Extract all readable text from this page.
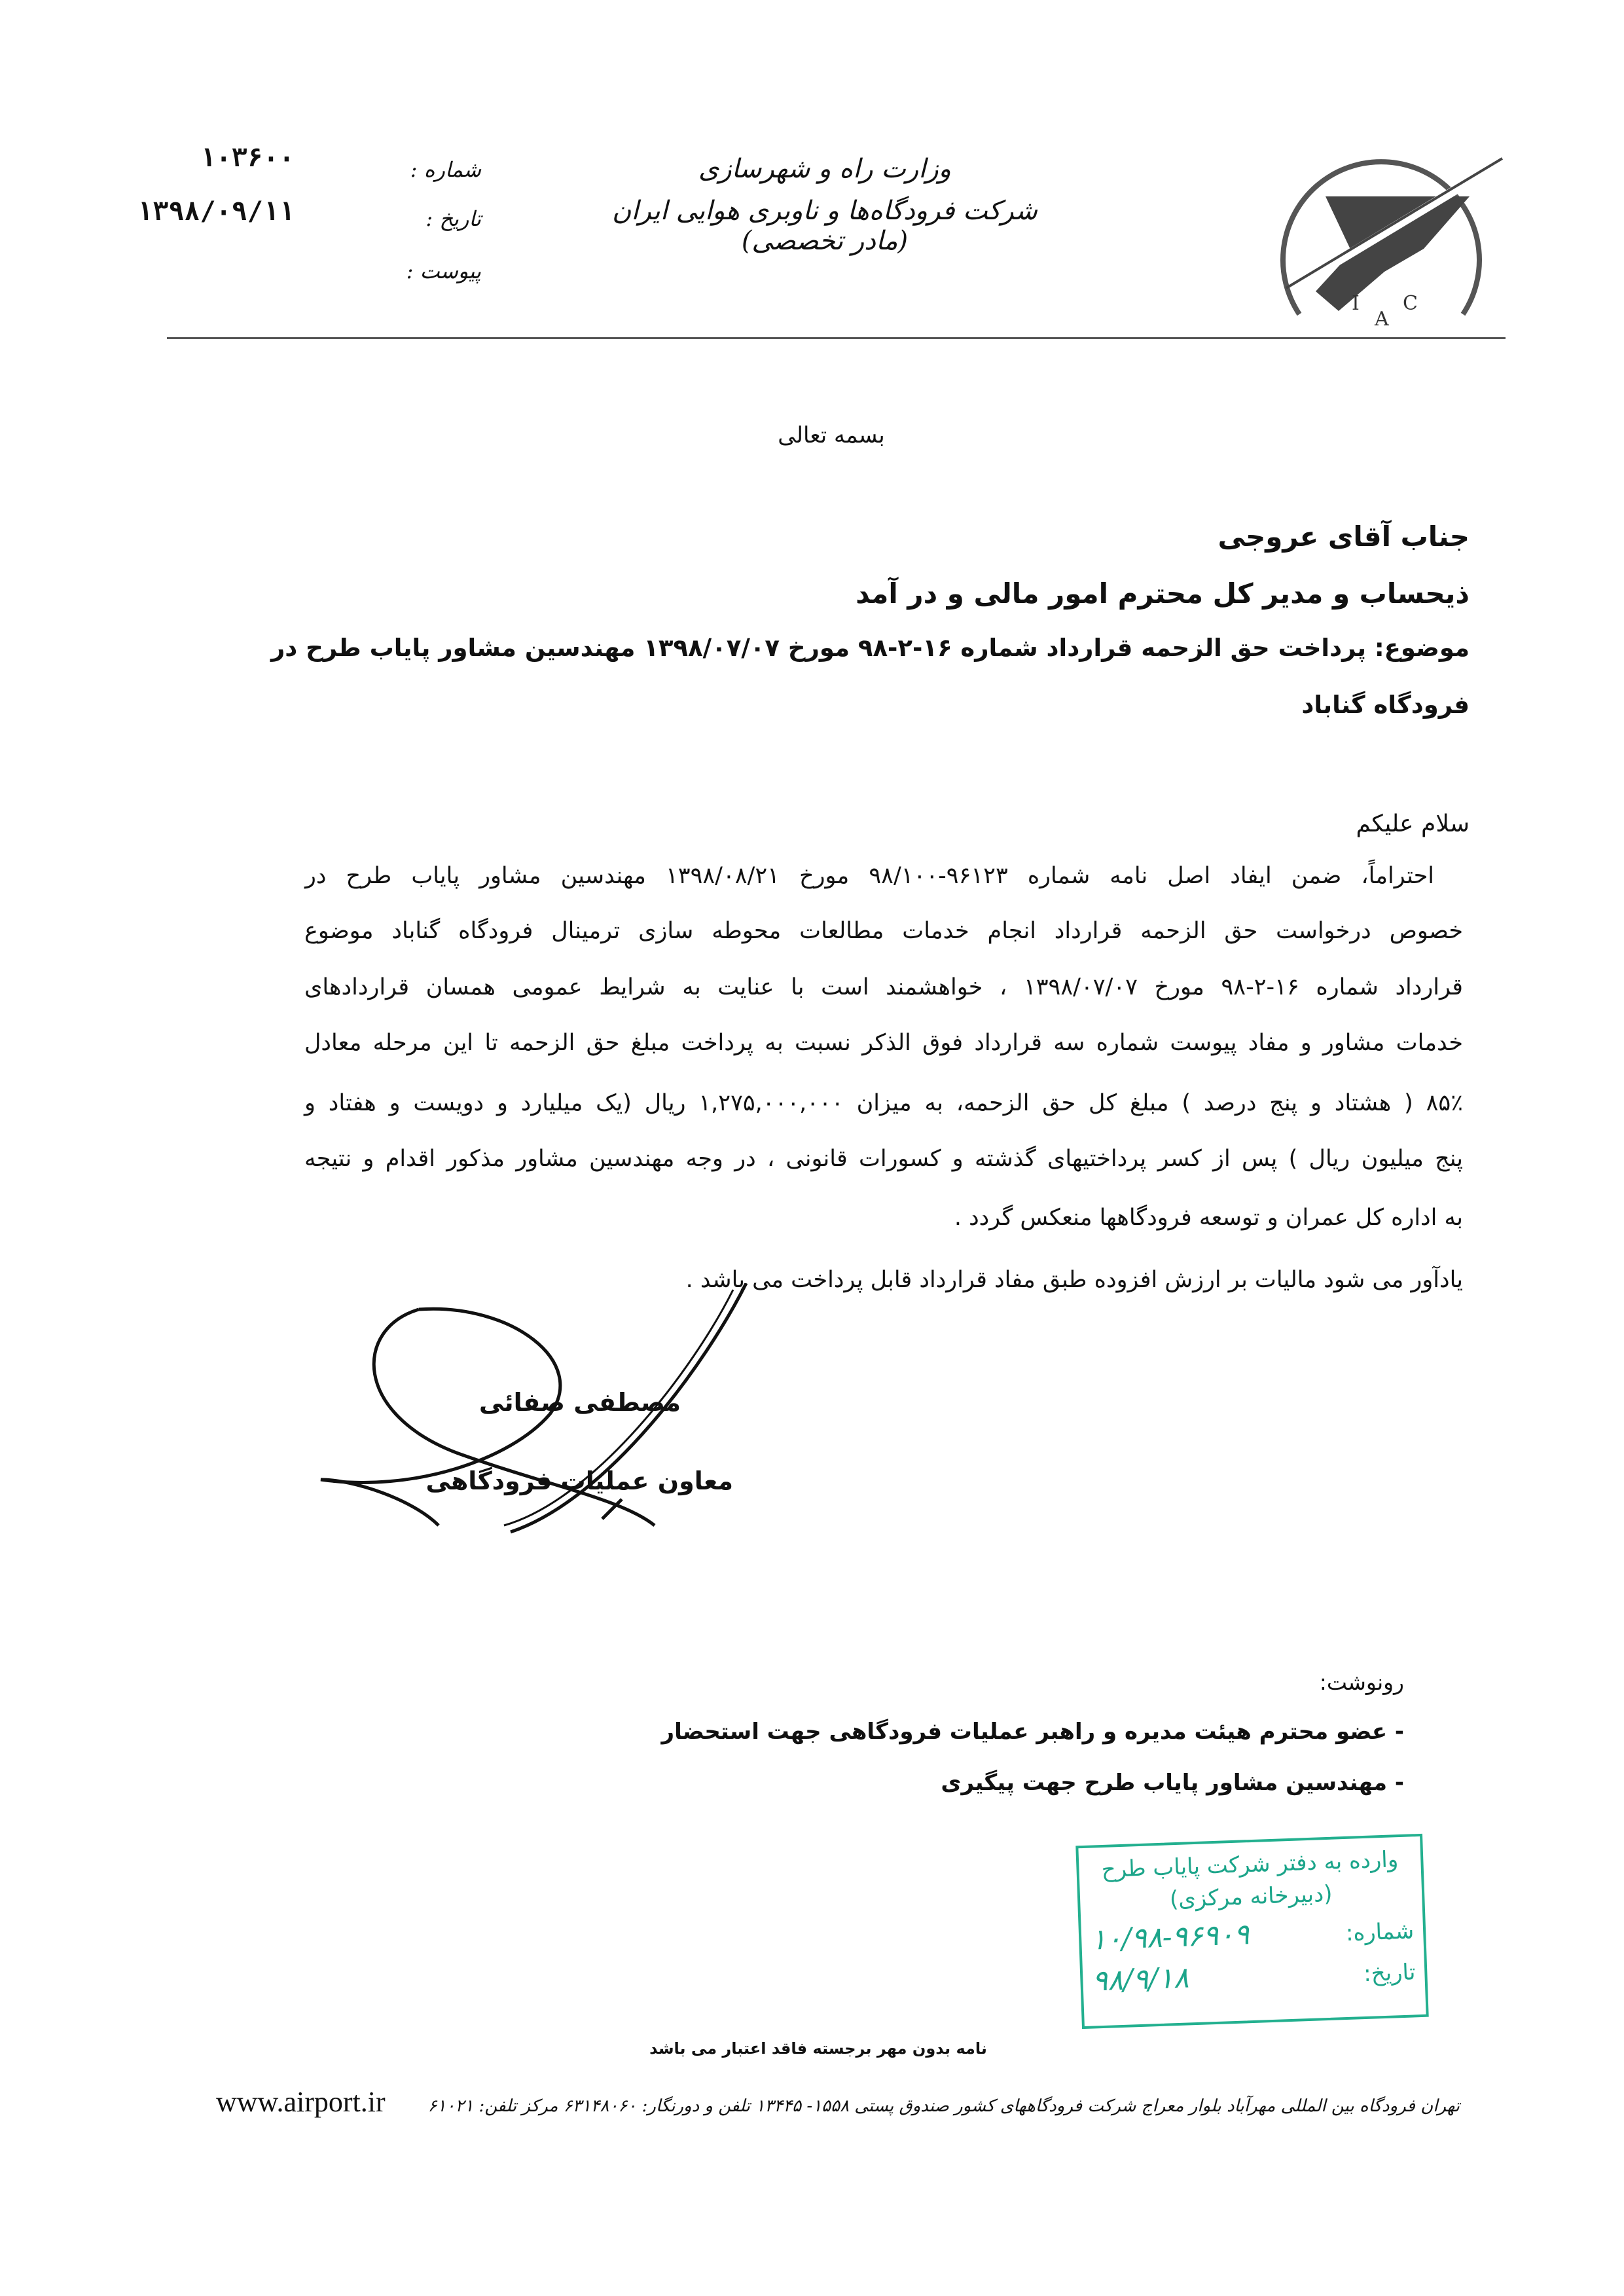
I
A
C
وزارت راه و شهرسازی
شرکت فرودگاه‌ها و ناوبری هوایی ایران (مادر تخصصی)
شماره :
تاریخ :
پیوست :
۱۰۳۶۰۰
۱۳۹۸/۰۹/۱۱
بسمه تعالی
جناب آقای عروجی
ذیحساب و مدیر کل محترم امور مالی و در آمد
موضوع: پرداخت حق الزحمه قرارداد شماره ۱۶-۲-۹۸ مورخ ۱۳۹۸/۰۷/۰۷ مهندسین مشاور پایاب طرح در
فرودگاه گناباد
سلام علیکم
احتراماً، ضمن ایفاد اصل نامه شماره ۹۶۱۲۳-۹۸/۱۰۰ مورخ ۱۳۹۸/۰۸/۲۱ مهندسین مشاور پایاب طرح در
خصوص درخواست حق الزحمه قرارداد انجام خدمات مطالعات محوطه سازی ترمینال فرودگاه گناباد موضوع
قرارداد شماره ۱۶-۲-۹۸ مورخ ۱۳۹۸/۰۷/۰۷ ، خواهشمند است با عنایت به شرایط عمومی همسان قراردادهای
خدمات مشاور و مفاد پیوست شماره سه قرارداد فوق الذکر نسبت به پرداخت مبلغ حق الزحمه تا این مرحله معادل
۸۵٪ ( هشتاد و پنج درصد ) مبلغ کل حق الزحمه، به میزان ۱,۲۷۵,۰۰۰,۰۰۰ ریال (یک میلیارد و دویست و هفتاد و
پنج میلیون ریال ) پس از کسر پرداختیهای گذشته و کسورات قانونی ، در وجه مهندسین مشاور مذکور اقدام و نتیجه
به اداره کل عمران و توسعه فرودگاهها منعکس گردد .
یادآور می شود مالیات بر ارزش افزوده طبق مفاد قرارداد قابل پرداخت می باشد .
مصطفی صفائی
معاون عملیات فرودگاهی
رونوشت:
- عضو محترم هیئت مدیره و راهبر عملیات فرودگاهی جهت استحضار
- مهندسین مشاور پایاب طرح جهت پیگیری
وارده به دفتر شرکت پایاب طرح
(دبیرخانه مرکزی)
شماره:
۱۰/۹۸-۹۶۹۰۹
تاریخ:
۹۸/۹/۱۸
نامه بدون مهر برجسته فاقد اعتبار می باشد
تهران فرودگاه بین المللی مهرآباد بلوار معراج شرکت فرودگاههای کشور صندوق پستی ۱۵۵۸- ۱۳۴۴۵ تلفن و دورنگار: ۶۳۱۴۸۰۶۰ مرکز تلفن: ۶۱۰۲۱
www.airport.ir
